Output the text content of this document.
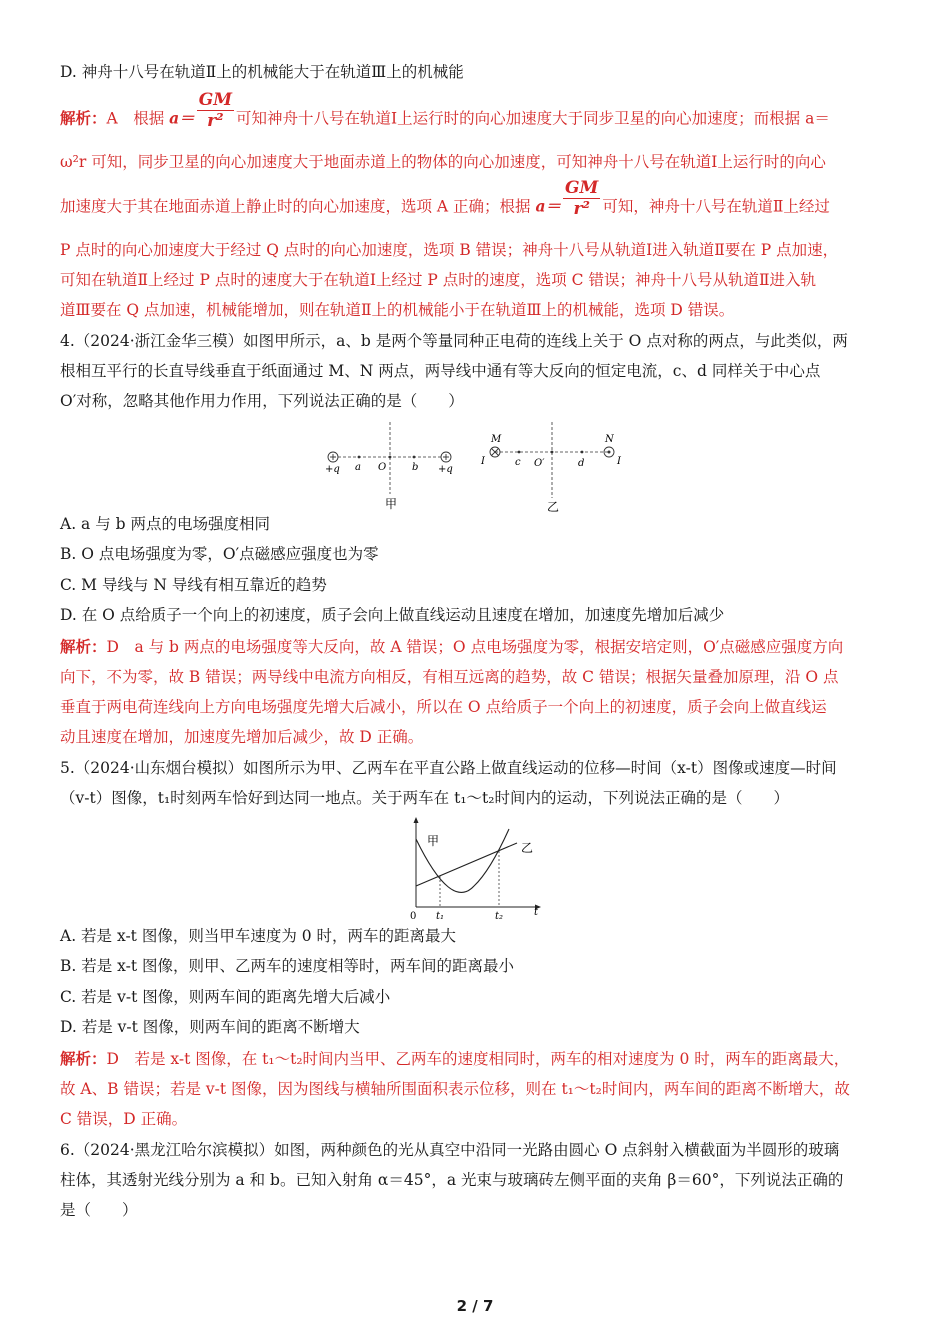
D. 神舟十八号在轨道Ⅱ上的机械能大于在轨道Ⅲ上的机械能
解析：A　根据 $a= \frac{GM}{\text{r²}}$ 可知神舟十八号在轨道Ⅰ上运行时的向心加速度大于同步卫星的向心加速度；而根据 a＝
ω²r 可知，同步卫星的向心加速度大于地面赤道上的物体的向心加速度，可知神舟十八号在轨道Ⅰ上运行时的向心
加速度大于其在地面赤道上静止时的向心加速度，选项 A 正确；根据 $a= \frac{GM}{\text{r²}}$ 可知，神舟十八号在轨道Ⅱ上经过
P 点时的向心加速度大于经过 Q 点时的向心加速度，选项 B 错误；神舟十八号从轨道Ⅰ进入轨道Ⅱ要在 P 点加速，
可知在轨道Ⅱ上经过 P 点时的速度大于在轨道Ⅰ上经过 P 点时的速度，选项 C 错误；神舟十八号从轨道Ⅱ进入轨
道Ⅲ要在 Q 点加速，机械能增加，则在轨道Ⅱ上的机械能小于在轨道Ⅲ上的机械能，选项 D 错误。
4.（2024·浙江金华三模）如图甲所示，a、b 是两个等量同种正电荷的连线上关于 O 点对称的两点，与此类似，两
根相互平行的长直导线垂直于纸面通过 M、N 两点，两导线中通有等大反向的恒定电流，c、d 同样关于中心点
O′对称，忽略其他作用力作用，下列说法正确的是（　　）
+q	+q
a O	b
甲
M	N
I	I
c O′	d
乙
A. a 与 b 两点的电场强度相同
B. O 点电场强度为零，O′点磁感应强度也为零
C. M 导线与 N 导线有相互靠近的趋势
D. 在 O 点给质子一个向上的初速度，质子会向上做直线运动且速度在增加，加速度先增加后减少
解析：D　a 与 b 两点的电场强度等大反向，故 A 错误；O 点电场强度为零，根据安培定则，O′点磁感应强度方向
向下，不为零，故 B 错误；两导线中电流方向相反，有相互远离的趋势，故 C 错误；根据矢量叠加原理，沿 O 点
垂直于两电荷连线向上方向电场强度先增大后减小，所以在 O 点给质子一个向上的初速度，质子会向上做直线运
动且速度在增加，加速度先增加后减少，故 D 正确。
5.（2024·山东烟台模拟）如图所示为甲、乙两车在平直公路上做直线运动的位移—时间（x-t）图像或速度—时间
（v-t）图像，t₁时刻两车恰好到达同一地点。关于两车在 t₁～t₂时间内的运动，下列说法正确的是（　　）
甲	乙
0 t₁	t₂	t
A. 若是 x-t 图像，则当甲车速度为 0 时，两车的距离最大
B. 若是 x-t 图像，则甲、乙两车的速度相等时，两车间的距离最小
C. 若是 v-t 图像，则两车间的距离先增大后减小
D. 若是 v-t 图像，则两车间的距离不断增大
解析：D　若是 x-t 图像，在 t₁～t₂时间内当甲、乙两车的速度相同时，两车的相对速度为 0 时，两车的距离最大，
故 A、B 错误；若是 v-t 图像，因为图线与横轴所围面积表示位移，则在 t₁～t₂时间内，两车间的距离不断增大，故
C 错误，D 正确。
6.（2024·黑龙江哈尔滨模拟）如图，两种颜色的光从真空中沿同一光路由圆心 O 点斜射入横截面为半圆形的玻璃
柱体，其透射光线分别为 a 和 b。已知入射角 α＝45°，a 光束与玻璃砖左侧平面的夹角 β＝60°，下列说法正确的
是（　　）
2 / 7
